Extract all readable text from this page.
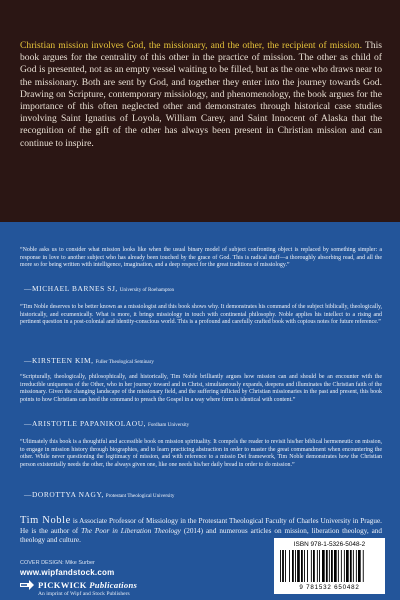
Christian mission involves God, the missionary, and the other, the recipient of mission. This book argues for the centrality of this other in the practice of mission. The other as child of God is presented, not as an empty vessel waiting to be filled, but as the one who draws near to the missionary. Both are sent by God, and together they enter into the journey towards God. Drawing on Scripture, contemporary missiology, and phenomenology, the book argues for the importance of this often neglected other and demonstrates through historical case studies involving Saint Ignatius of Loyola, William Carey, and Saint Innocent of Alaska that the recognition of the gift of the other has always been present in Christian mission and can continue to inspire.

“Noble asks us to consider what mission looks like when the usual binary model of subject confronting object is replaced by something simpler: a response in love to another subject who has already been touched by the grace of God. This is radical stuff—a thoroughly absorbing read, and all the more so for being written with intelligence, imagination, and a deep respect for the great traditions of missiology.”

—MICHAEL BARNES SJ, University of Roehampton

“Tim Noble deserves to be better known as a missiologist and this book shows why. It demonstrates his command of the subject biblically, theologically, historically, and ecumenically. What is more, it brings missiology in touch with continental philosophy. Noble applies his intellect to a rising and pertinent question in a post-colonial and identity-conscious world. This is a profound and carefully crafted book with copious notes for future reference.”

—KIRSTEEN KIM, Fuller Theological Seminary

“Scripturally, theologically, philosophically, and historically, Tim Noble brilliantly argues how mission can and should be an encounter with the irreducible uniqueness of the Other, who in her journey toward and in Christ, simultaneously expands, deepens and illuminates the Christian faith of the missionary. Given the changing landscape of the missionary field, and the suffering inflicted by Christian missionaries in the past and present, this book points to how Christians can heed the command to preach the Gospel in a way where form is identical with content.”

—ARISTOTLE PAPANIKOLAOU, Fordham University

“Ultimately this book is a thoughtful and accessible book on mission spirituality. It compels the reader to revisit his/her biblical hermeneutic on mission, to engage in mission history through biographies, and to learn practicing abstraction in order to master the great commandment when encountering the other. While never questioning the legitimacy of mission, and with reference to a missio Dei framework, Tim Noble demonstrates how the Christian person existentially needs the other, the always given one, like one needs his/her daily bread in order to do mission.”

—DOROTTYA NAGY, Protestant Theological University

Tim Noble is Associate Professor of Missiology in the Protestant Theological Faculty of Charles University in Prague. He is the author of The Poor in Liberation Theology (2014) and numerous articles on mission, liberation theology, and theology and culture.

COVER DESIGN: Mike Surber

www.wipfandstock.com

PICKWICK Publications

An imprint of Wipf and Stock Publishers

ISBN 978-1-5326-5048-2
9 781532 650482
